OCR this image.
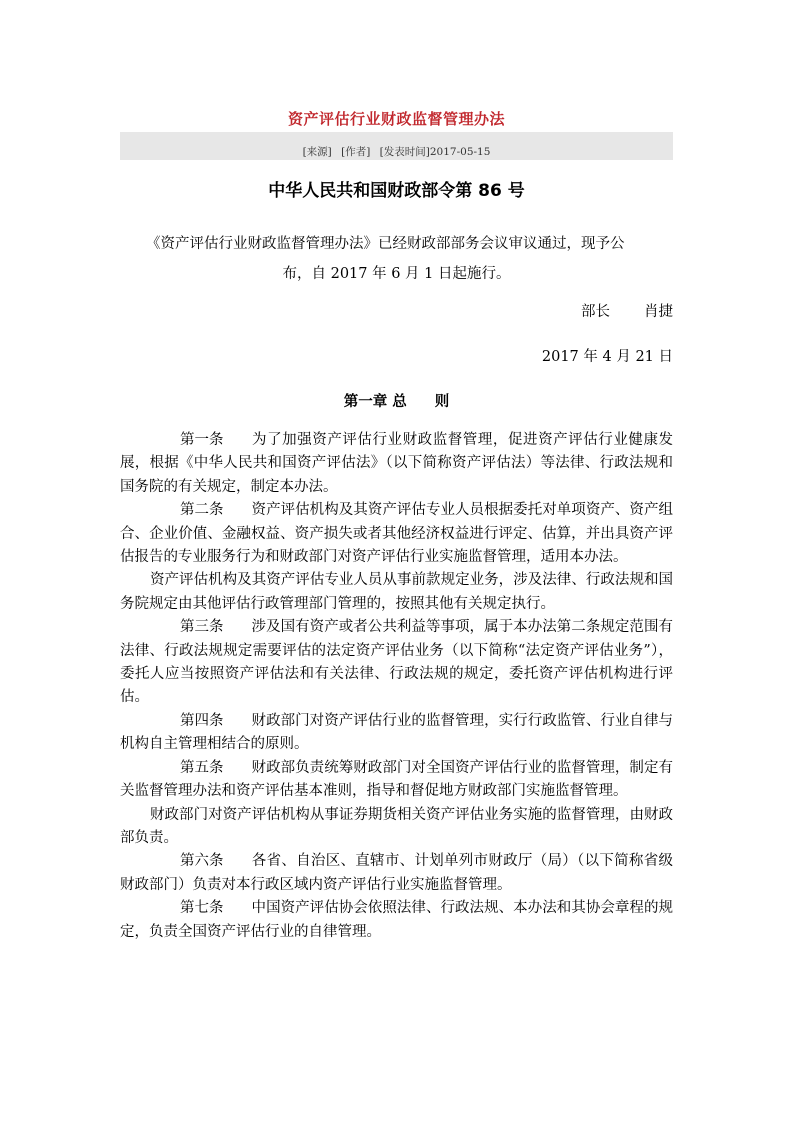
资产评估行业财政监督管理办法
[来源] [作者] [发表时间]2017-05-15
中华人民共和国财政部令第 86 号
《资产评估行业财政监督管理办法》已经财政部部务会议审议通过，现予公
布，自 2017 年 6 月 1 日起施行。
部长 肖捷
2017 年 4 月 21 日
第一章 总 则

第一条 为了加强资产评估行业财政监督管理，促进资产评估行业健康发展，根据《中华人民共和国资产评估法》（以下简称资产评估法）等法律、行政法规和国务院的有关规定，制定本办法。

第二条 资产评估机构及其资产评估专业人员根据委托对单项资产、资产组合、企业价值、金融权益、资产损失或者其他经济权益进行评定、估算，并出具资产评估报告的专业服务行为和财政部门对资产评估行业实施监督管理，适用本办法。

资产评估机构及其资产评估专业人员从事前款规定业务，涉及法律、行政法规和国务院规定由其他评估行政管理部门管理的，按照其他有关规定执行。

第三条 涉及国有资产或者公共利益等事项，属于本办法第二条规定范围有法律、行政法规规定需要评估的法定资产评估业务（以下简称“法定资产评估业务”），委托人应当按照资产评估法和有关法律、行政法规的规定，委托资产评估机构进行评估。

第四条 财政部门对资产评估行业的监督管理，实行行政监管、行业自律与机构自主管理相结合的原则。

第五条 财政部负责统筹财政部门对全国资产评估行业的监督管理，制定有关监督管理办法和资产评估基本准则，指导和督促地方财政部门实施监督管理。

财政部门对资产评估机构从事证券期货相关资产评估业务实施的监督管理，由财政部负责。

第六条 各省、自治区、直辖市、计划单列市财政厅（局）（以下简称省级财政部门）负责对本行政区域内资产评估行业实施监督管理。

第七条 中国资产评估协会依照法律、行政法规、本办法和其协会章程的规定，负责全国资产评估行业的自律管理。
